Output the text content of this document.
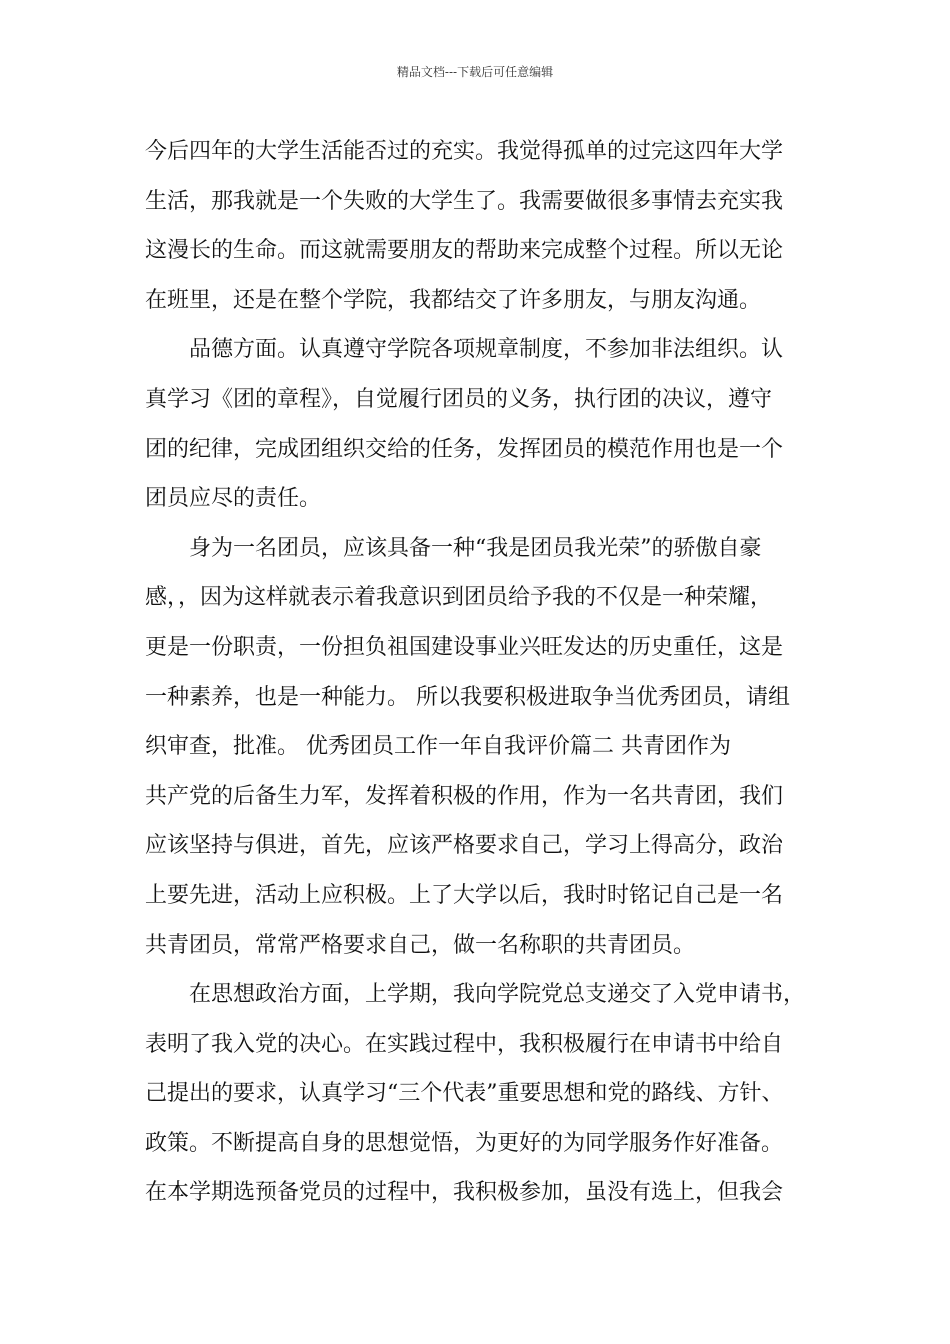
精品文档---下载后可任意编辑
今后四年的大学生活能否过的充实。我觉得孤单的过完这四年大学
生活，那我就是一个失败的大学生了。我需要做很多事情去充实我
这漫长的生命。而这就需要朋友的帮助来完成整个过程。所以无论
在班里，还是在整个学院，我都结交了许多朋友，与朋友沟通。
品德方面。认真遵守学院各项规章制度，不参加非法组织。认
真学习《团的章程》，自觉履行团员的义务，执行团的决议，遵守
团的纪律，完成团组织交给的任务，发挥团员的模范作用也是一个
团员应尽的责任。
身为一名团员，应该具备一种“我是团员我光荣”的骄傲自豪
感，，因为这样就表示着我意识到团员给予我的不仅是一种荣耀，
更是一份职责，一份担负祖国建设事业兴旺发达的历史重任，这是
一种素养，也是一种能力。 所以我要积极进取争当优秀团员，请组
织审查，批准。 优秀团员工作一年自我评价篇二 共青团作为
共产党的后备生力军，发挥着积极的作用，作为一名共青团，我们
应该坚持与俱进，首先，应该严格要求自己，学习上得高分，政治
上要先进，活动上应积极。上了大学以后，我时时铭记自己是一名
共青团员，常常严格要求自己，做一名称职的共青团员。
在思想政治方面，上学期，我向学院党总支递交了入党申请书，
表明了我入党的决心。在实践过程中，我积极履行在申请书中给自
己提出的要求，认真学习“三个代表”重要思想和党的路线、方针、
政策。不断提高自身的思想觉悟，为更好的为同学服务作好准备。
在本学期选预备党员的过程中，我积极参加，虽没有选上，但我会
